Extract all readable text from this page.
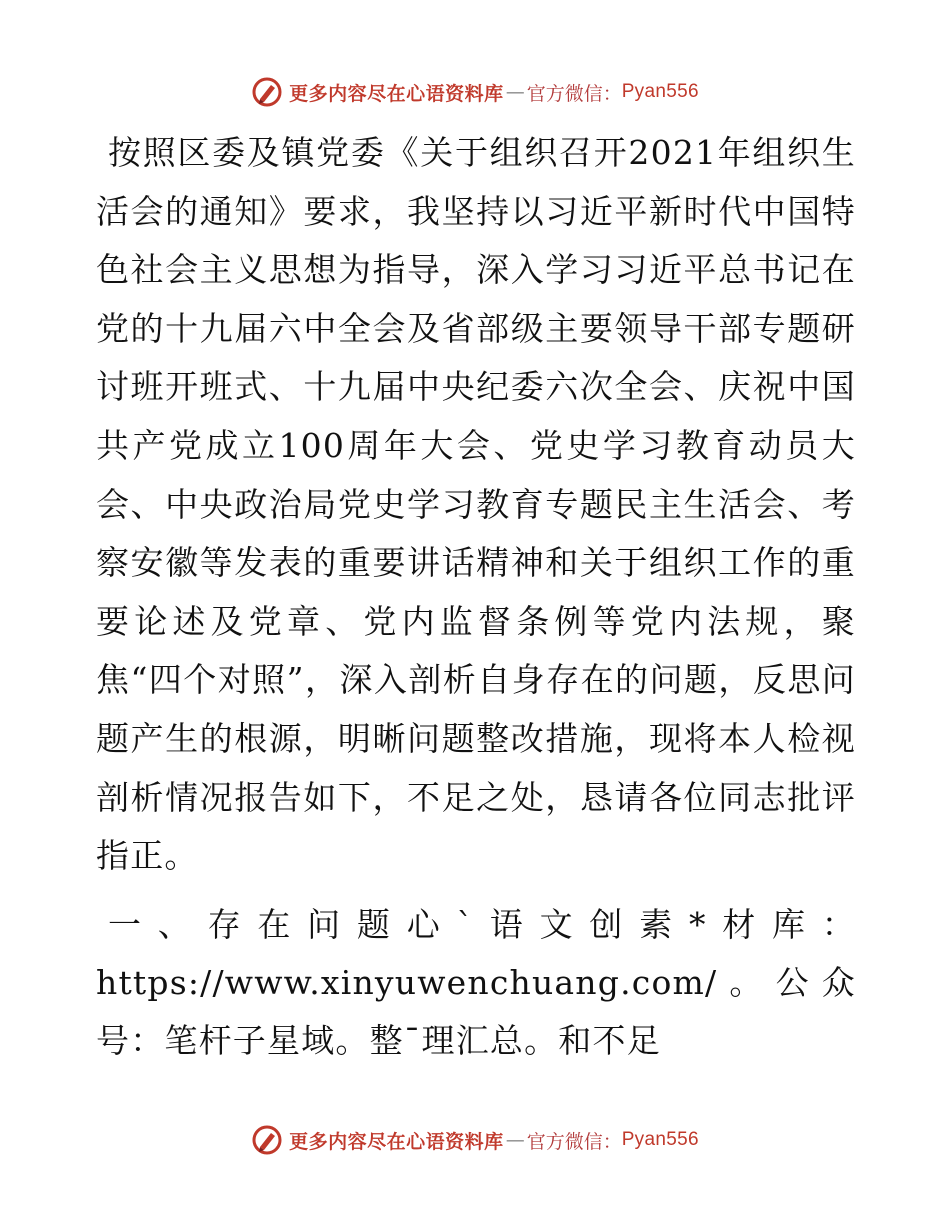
更多内容尽在心语资料库 — 官方微信： Pyan556

按照区委及镇党委《关于组织召开2021年组织生活会的通知》要求，我坚持以习近平新时代中国特色社会主义思想为指导，深入学习习近平总书记在党的十九届六中全会及省部级主要领导干部专题研讨班开班式、十九届中央纪委六次全会、庆祝中国共产党成立100周年大会、党史学习教育动员大会、中央政治局党史学习教育专题民主生活会、考察安徽等发表的重要讲话精神和关于组织工作的重要论述及党章、党内监督条例等党内法规，聚焦“四个对照”，深入剖析自身存在的问题，反思问题产生的根源，明晰问题整改措施，现将本人检视剖析情况报告如下，不足之处，恳请各位同志批评指正。

一、存在问题心`语文创素*材库：https://www.xinyuwenchuang.com/。公众号：笔杆子星域。整¯理汇总。和不足

更多内容尽在心语资料库 — 官方微信： Pyan556
